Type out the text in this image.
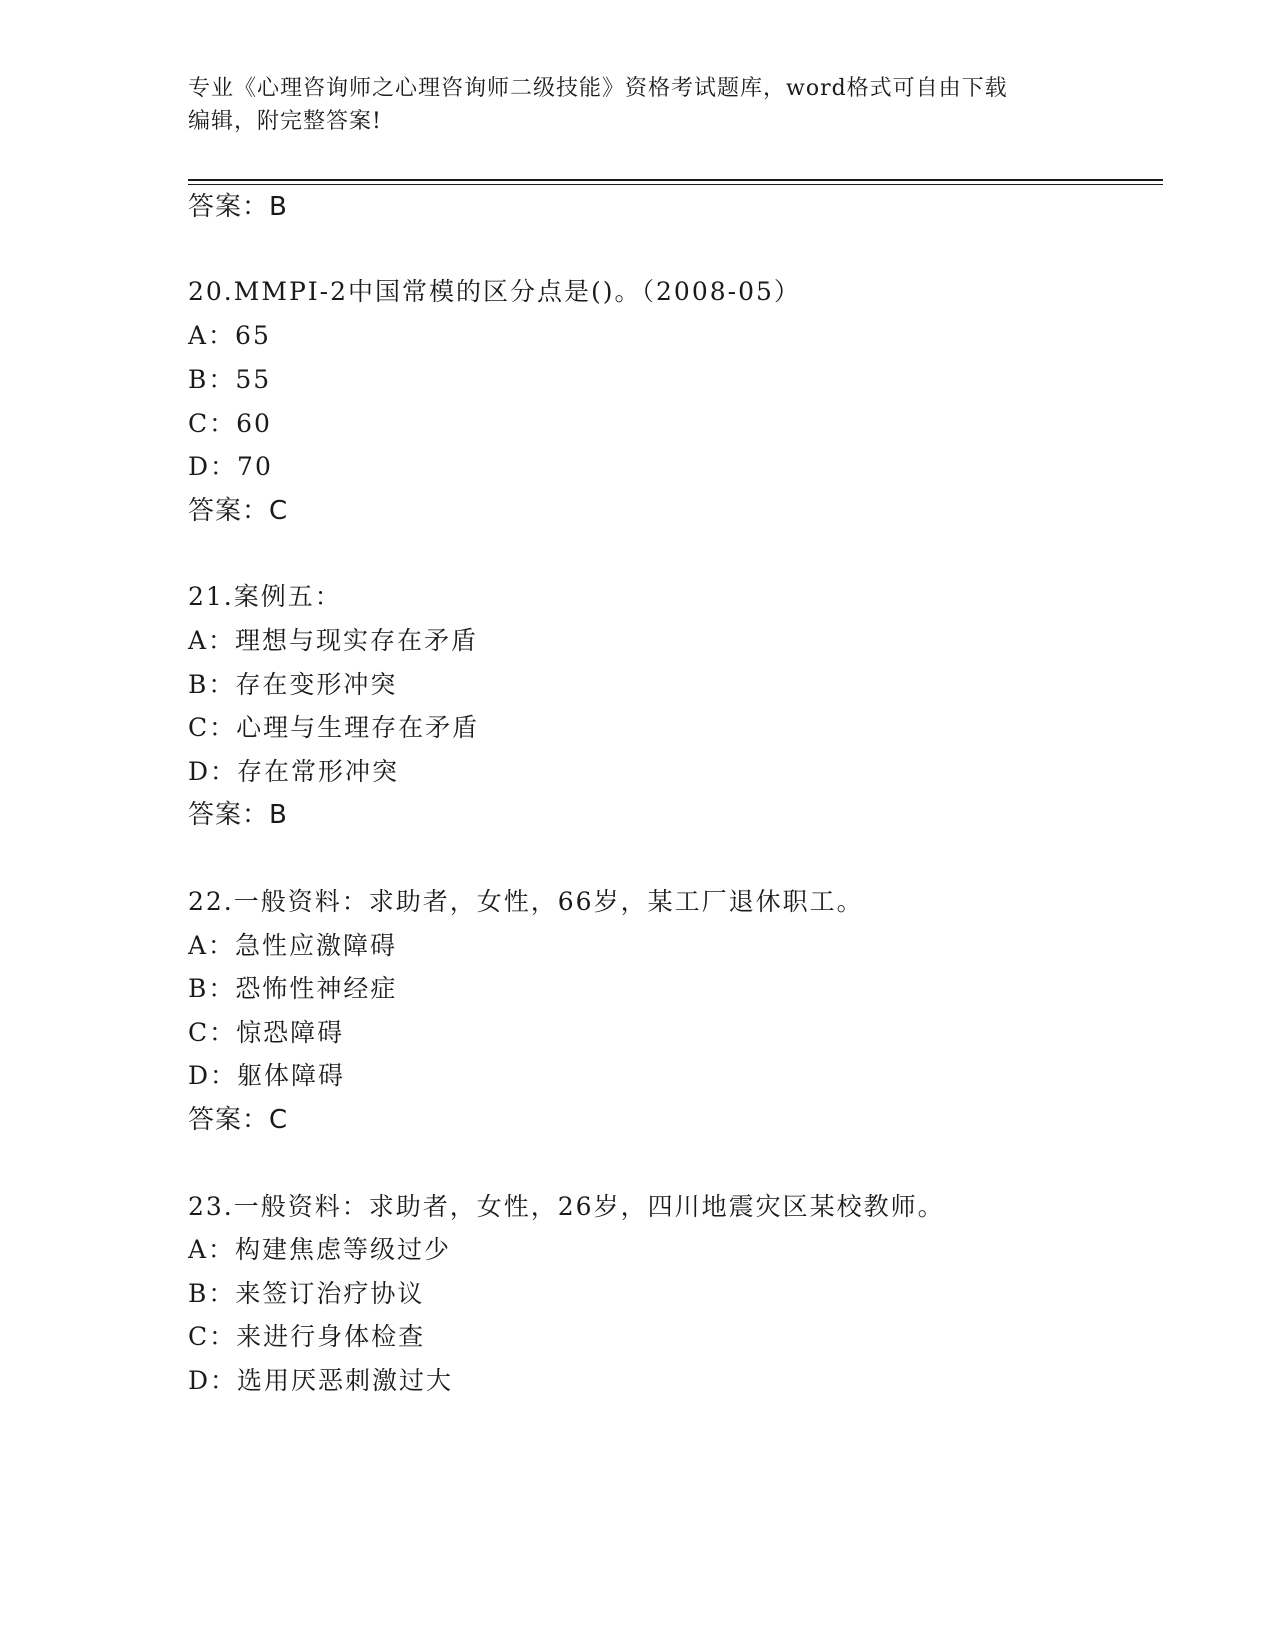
专业《心理咨询师之心理咨询师二级技能》资格考试题库，word格式可自由下载
编辑，附完整答案!
答案：B
20.MMPI-2中国常模的区分点是()。（2008-05）
A：65
B：55
C：60
D：70
答案：C
21.案例五：
A：理想与现实存在矛盾
B：存在变形冲突
C：心理与生理存在矛盾
D：存在常形冲突
答案：B
22.一般资料：求助者，女性，66岁，某工厂退休职工。
A：急性应激障碍
B：恐怖性神经症
C：惊恐障碍
D：躯体障碍
答案：C
23.一般资料：求助者，女性，26岁，四川地震灾区某校教师。
A：构建焦虑等级过少
B：来签订治疗协议
C：来进行身体检查
D：选用厌恶刺激过大
